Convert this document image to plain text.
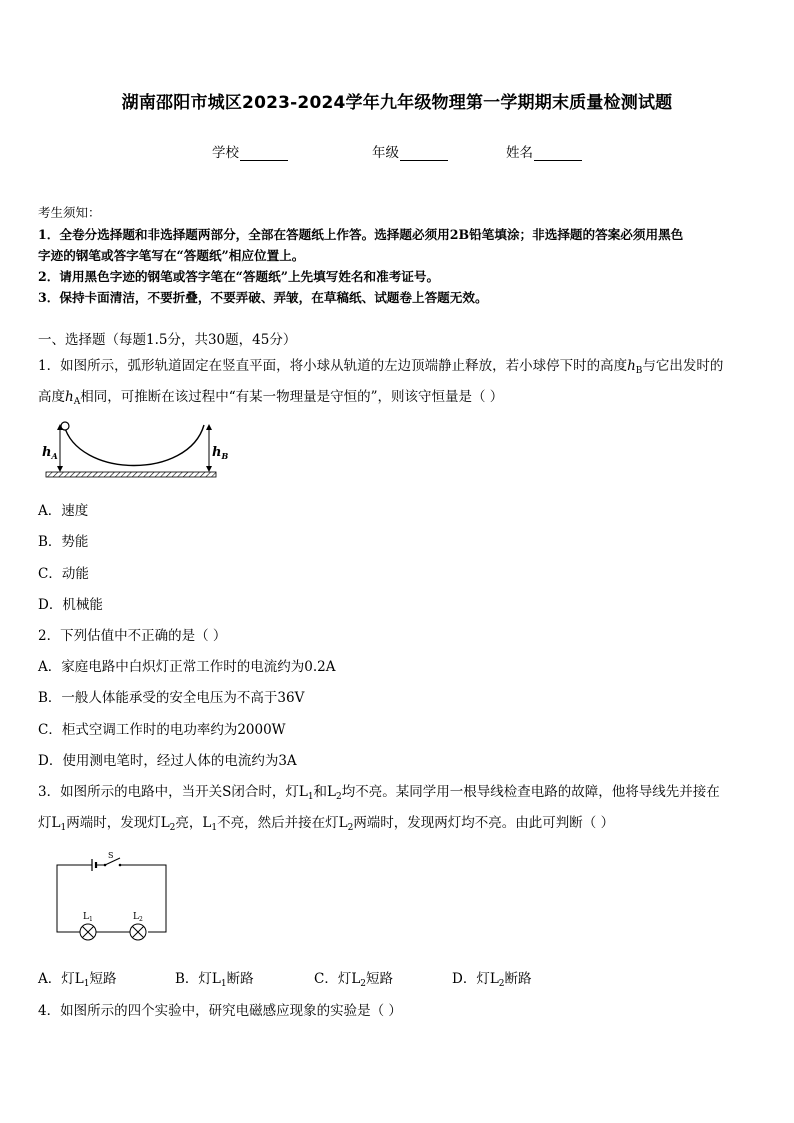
湖南邵阳市城区2023-2024学年九年级物理第一学期期末质量检测试题
学校	年级	姓名
考生须知：
1．全卷分选择题和非选择题两部分，全部在答题纸上作答。选择题必须用2B铅笔填涂；非选择题的答案必须用黑色
字迹的钢笔或答字笔写在“答题纸”相应位置上。
2．请用黑色字迹的钢笔或答字笔在“答题纸”上先填写姓名和准考证号。
3．保持卡面清洁，不要折叠，不要弄破、弄皱，在草稿纸、试题卷上答题无效。
一、选择题（每题1.5分，共30题，45分）
1．如图所示，弧形轨道固定在竖直平面，将小球从轨道的左边顶端静止释放，若小球停下时的高度$h_B$与它出发时的
高度$h_A$相同，可推断在该过程中“有某一物理量是守恒的”，则该守恒量是（ ）
$h_A$	$h_B$
A．速度
B．势能
C．动能
D．机械能
2．下列估值中不正确的是（ ）
A．家庭电路中白炽灯正常工作时的电流约为0.2A
B．一般人体能承受的安全电压为不高于36V
C．柜式空调工作时的电功率约为2000W
D．使用测电笔时，经过人体的电流约为3A
3．如图所示的电路中，当开关S闭合时，灯$L_1$和$L_2$均不亮。某同学用一根导线检查电路的故障，他将导线先并接在
灯$L_1$两端时，发现灯$L_2$亮，$L_1$不亮，然后并接在灯$L_2$两端时，发现两灯均不亮。由此可判断（ ）
S
$L_1$	$L_2$
A．灯$L_1$短路	B．灯$L_1$断路	C．灯$L_2$短路	D．灯$L_2$断路
4．如图所示的四个实验中，研究电磁感应现象的实验是（ ）
